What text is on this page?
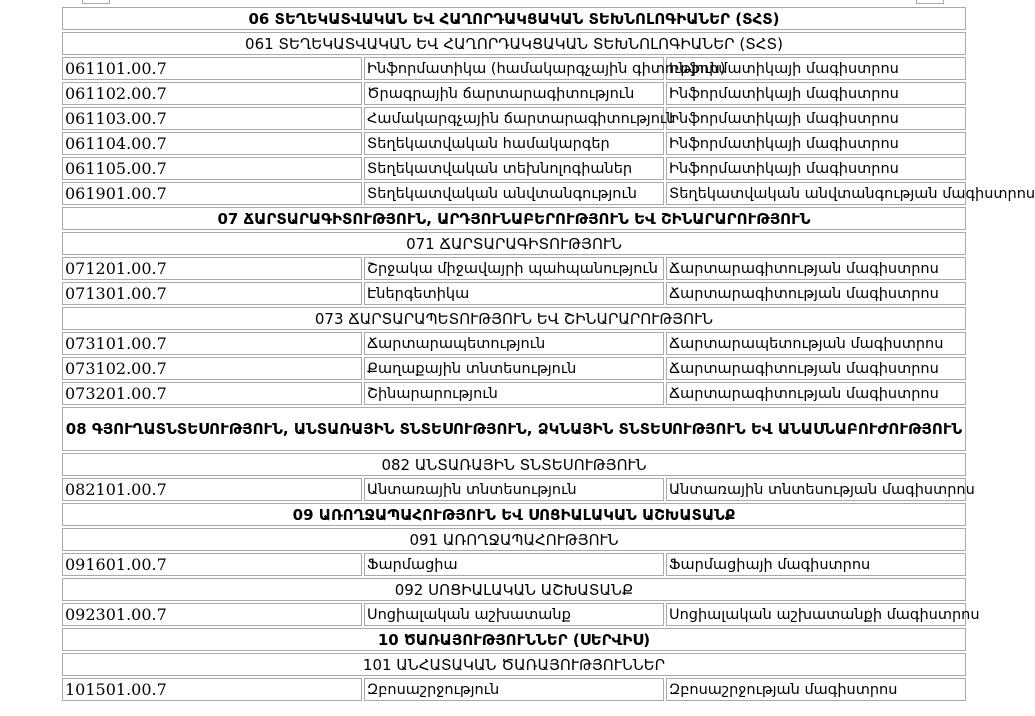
06 ՏԵՂԵԿԱՏՎԱԿԱՆ ԵՎ ՀԱՂՈՐԴԱԿՑԱԿԱՆ ՏԵԽՆՈԼՈԳԻԱՆԵՐ (ՏՀՏ)		
061 ՏԵՂԵԿԱՏՎԱԿԱՆ ԵՎ ՀԱՂՈՐԴԱԿՑԱԿԱՆ ՏԵԽՆՈԼՈԳԻԱՆԵՐ (ՏՀՏ)		
061101.00.7	Ինֆորմատիկա (համակարգչային գիտություն)	Ինֆորմատիկայի մագիստրոս
061102.00.7	Ծրագրային ճարտարագիտություն	Ինֆորմատիկայի մագիստրոս
061103.00.7	Համակարգչային ճարտարագիտություն	Ինֆորմատիկայի մագիստրոս
061104.00.7	Տեղեկատվական համակարգեր	Ինֆորմատիկայի մագիստրոս
061105.00.7	Տեղեկատվական տեխնոլոգիաներ	Ինֆորմատիկայի մագիստրոս
061901.00.7	Տեղեկատվական անվտանգություն	Տեղեկատվական անվտանգության մագիստրոս
07 ՃԱՐՏԱՐԱԳԻՏՈՒԹՅՈՒՆ, ԱՐԴՅՈՒՆԱԲԵՐՈՒԹՅՈՒՆ ԵՎ ՇԻՆԱՐԱՐՈՒԹՅՈՒՆ		
071 ՃԱՐՏԱՐԱԳԻՏՈՒԹՅՈՒՆ		
071201.00.7	Շրջակա միջավայրի պահպանություն	Ճարտարագիտության մագիստրոս
071301.00.7	Էներգետիկա	Ճարտարագիտության մագիստրոս
073 ՃԱՐՏԱՐԱՊԵՏՈՒԹՅՈՒՆ ԵՎ ՇԻՆԱՐԱՐՈՒԹՅՈՒՆ		
073101.00.7	Ճարտարապետություն	Ճարտարապետության մագիստրոս
073102.00.7	Քաղաքային տնտեսություն	Ճարտարագիտության մագիստրոս
073201.00.7	Շինարարություն	Ճարտարագիտության մագիստրոս
08 ԳՅՈՒՂԱՏՆՏԵՍՈՒԹՅՈՒՆ, ԱՆՏԱՌԱՅԻՆ ՏՆՏԵՍՈՒԹՅՈՒՆ, ՁԿՆԱՅԻՆ ՏՆՏԵՍՈՒԹՅՈՒՆ ԵՎ ԱՆԱՍՆԱԲՈՒԺՈՒԹՅՈՒՆ		
082 ԱՆՏԱՌԱՅԻՆ ՏՆՏԵՍՈՒԹՅՈՒՆ		
082101.00.7	Անտառային տնտեսություն	Անտառային տնտեսության մագիստրոս
09 ԱՌՈՂՋԱՊԱՀՈՒԹՅՈՒՆ ԵՎ ՍՈՑԻԱԼԱԿԱՆ ԱՇԽԱՏԱՆՔ		
091 ԱՌՈՂՋԱՊԱՀՈՒԹՅՈՒՆ		
091601.00.7	Ֆարմացիա	Ֆարմացիայի մագիստրոս
092 ՍՈՑԻԱԼԱԿԱՆ ԱՇԽԱՏԱՆՔ		
092301.00.7	Սոցիալական աշխատանք	Սոցիալական աշխատանքի մագիստրոս
10 ԾԱՌԱՅՈՒԹՅՈՒՆՆԵՐ (ՍԵՐՎԻՍ)		
101 ԱՆՀԱՏԱԿԱՆ ԾԱՌԱՅՈՒԹՅՈՒՆՆԵՐ		
101501.00.7	Զբոսաշրջություն	Զբոսաշրջության մագիստրոս
